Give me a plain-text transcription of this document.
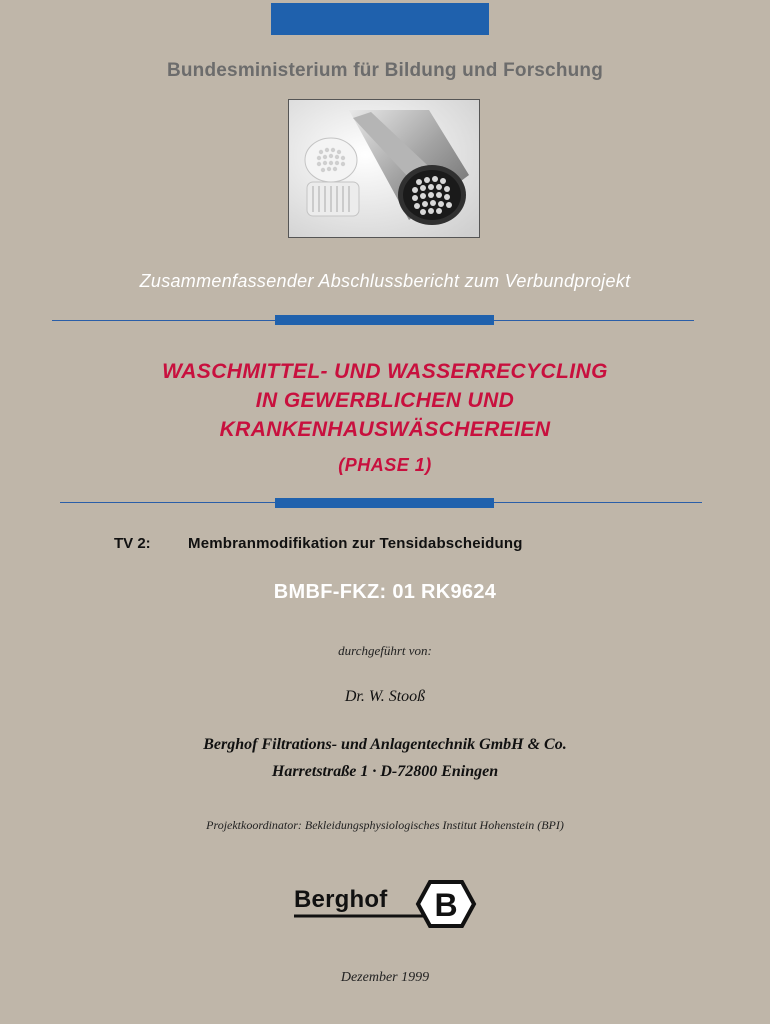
Bundesministerium für Bildung und Forschung
Zusammenfassender Abschlussbericht zum Verbundprojekt
WASCHMITTEL- UND WASSERRECYCLING
IN GEWERBLICHEN UND
KRANKENHAUSWÄSCHEREIEN
(PHASE 1)
TV 2: Membranmodifikation zur Tensidabscheidung
BMBF-FKZ: 01 RK9624
durchgeführt von:
Dr. W. Stooß
Berghof Filtrations- und Anlagentechnik GmbH & Co.
Harretstraße 1 · D-72800 Eningen
Projektkoordinator: Bekleidungsphysiologisches Institut Hohenstein (BPI)
Berghof B
Dezember 1999
